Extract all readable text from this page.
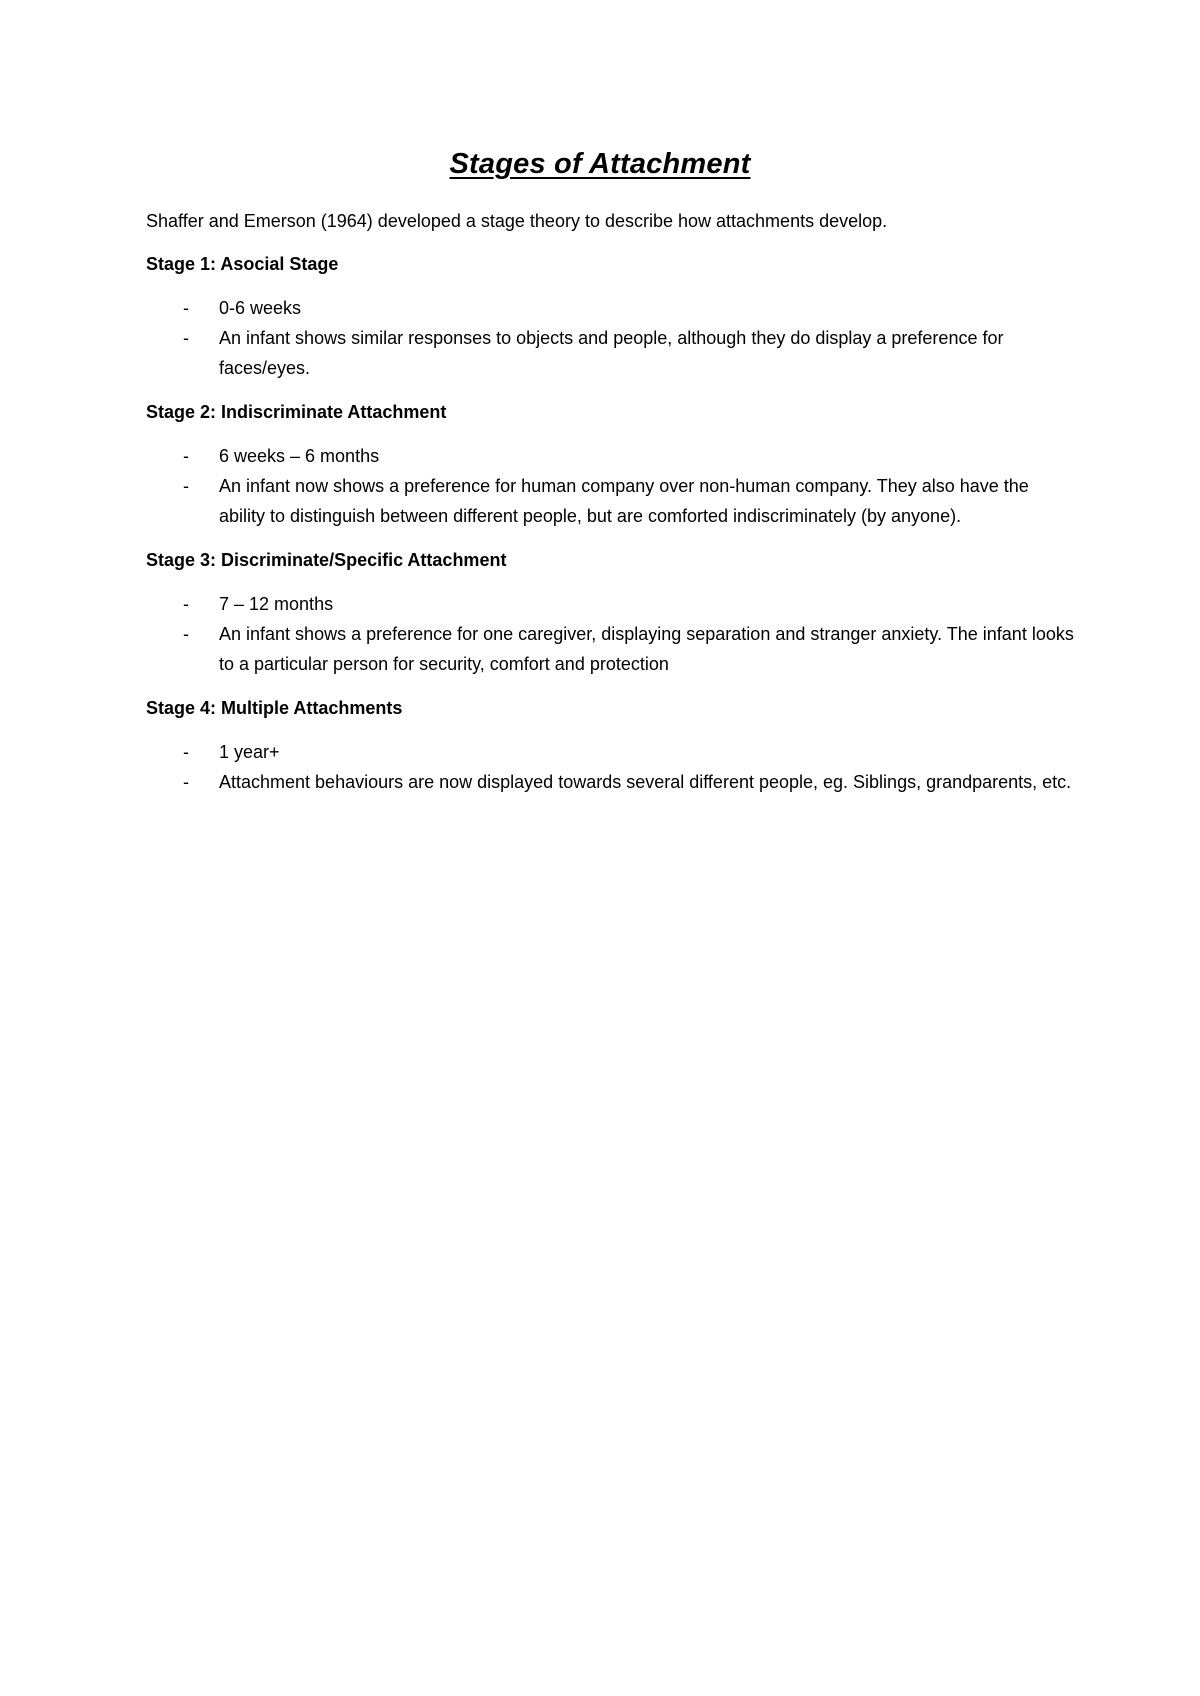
Stages of Attachment

Shaffer and Emerson (1964) developed a stage theory to describe how attachments develop.

Stage 1: Asocial Stage

- 0-6 weeks
- An infant shows similar responses to objects and people, although they do display a preference for faces/eyes.

Stage 2: Indiscriminate Attachment

- 6 weeks – 6 months
- An infant now shows a preference for human company over non-human company. They also have the ability to distinguish between different people, but are comforted indiscriminately (by anyone).

Stage 3: Discriminate/Specific Attachment

- 7 – 12 months
- An infant shows a preference for one caregiver, displaying separation and stranger anxiety. The infant looks to a particular person for security, comfort and protection

Stage 4: Multiple Attachments

- 1 year+
- Attachment behaviours are now displayed towards several different people, eg. Siblings, grandparents, etc.
